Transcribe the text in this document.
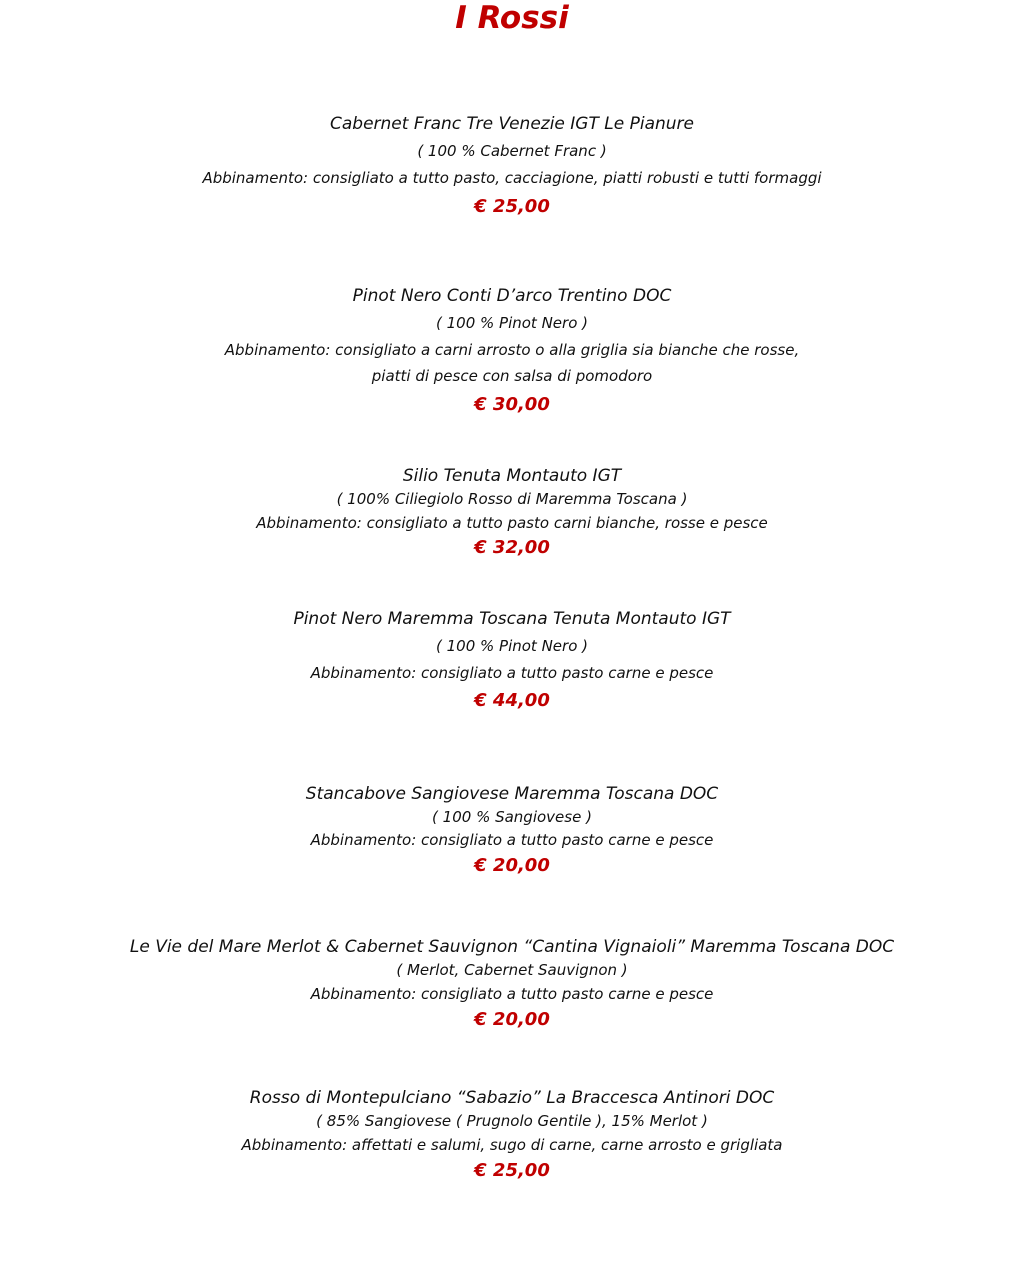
I Rossi
Cabernet Franc Tre Venezie IGT Le Pianure
( 100 % Cabernet Franc )
Abbinamento: consigliato a tutto pasto, cacciagione, piatti robusti e tutti formaggi
€ 25,00
Pinot Nero Conti D’arco Trentino DOC
( 100 % Pinot Nero )
Abbinamento: consigliato a carni arrosto o alla griglia sia bianche che rosse,
piatti di pesce con salsa di pomodoro
€ 30,00
Silio Tenuta Montauto IGT
( 100% Ciliegiolo Rosso di Maremma Toscana )
Abbinamento: consigliato a tutto pasto carni bianche, rosse e pesce
€ 32,00
Pinot Nero Maremma Toscana Tenuta Montauto IGT
( 100 % Pinot Nero )
Abbinamento: consigliato a tutto pasto carne e pesce
€ 44,00
Stancabove Sangiovese Maremma Toscana DOC
( 100 % Sangiovese )
Abbinamento: consigliato a tutto pasto carne e pesce
€ 20,00
Le Vie del Mare Merlot & Cabernet Sauvignon “Cantina Vignaioli” Maremma Toscana DOC
( Merlot, Cabernet Sauvignon )
Abbinamento: consigliato a tutto pasto carne e pesce
€ 20,00
Rosso di Montepulciano “Sabazio” La Braccesca Antinori DOC
( 85% Sangiovese ( Prugnolo Gentile ), 15% Merlot )
Abbinamento: affettati e salumi, sugo di carne, carne arrosto e grigliata
€ 25,00
